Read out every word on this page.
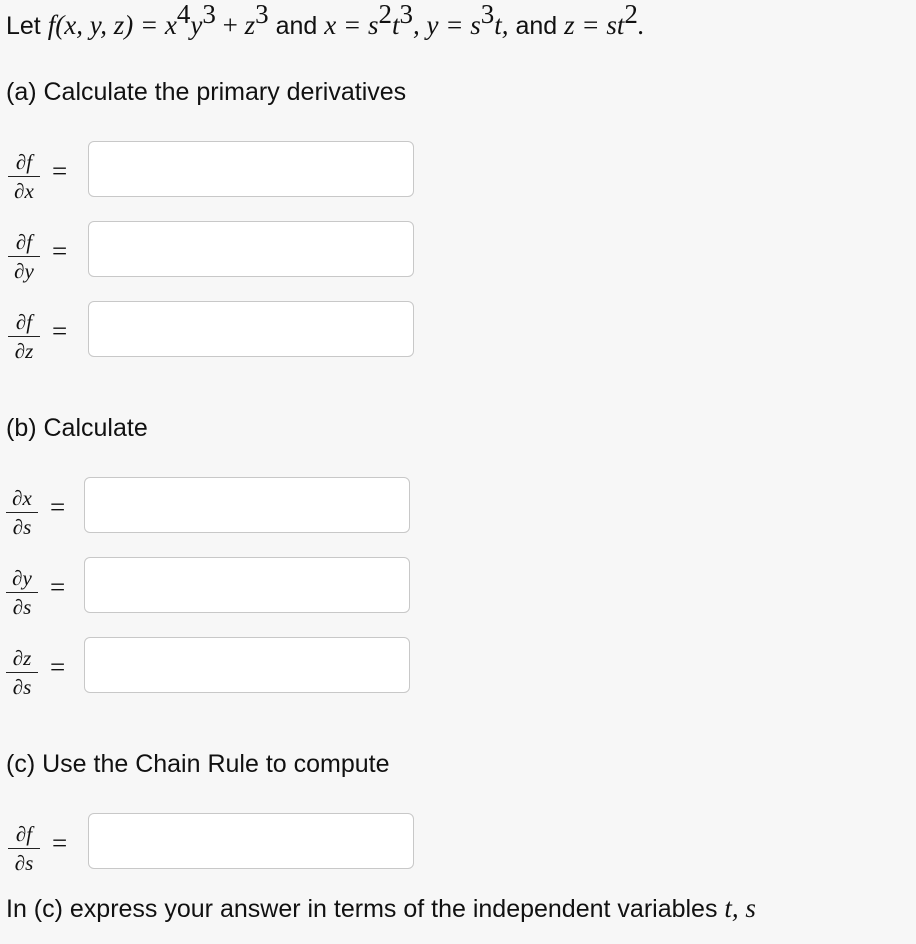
Let f(x, y, $z) = x^4y^3 + z^3$ and $x = s^2t^3$, $y = s^3t$, and $z = st^2$.
(a) Calculate the primary derivatives
∂f
∂x
=
∂f
∂y
=
∂f
∂z
=
(b) Calculate
∂x
∂s
=
∂y
∂s
=
∂z
∂s
=
(c) Use the Chain Rule to compute
∂f
∂s
=
In (c) express your answer in terms of the independent variables t, s
